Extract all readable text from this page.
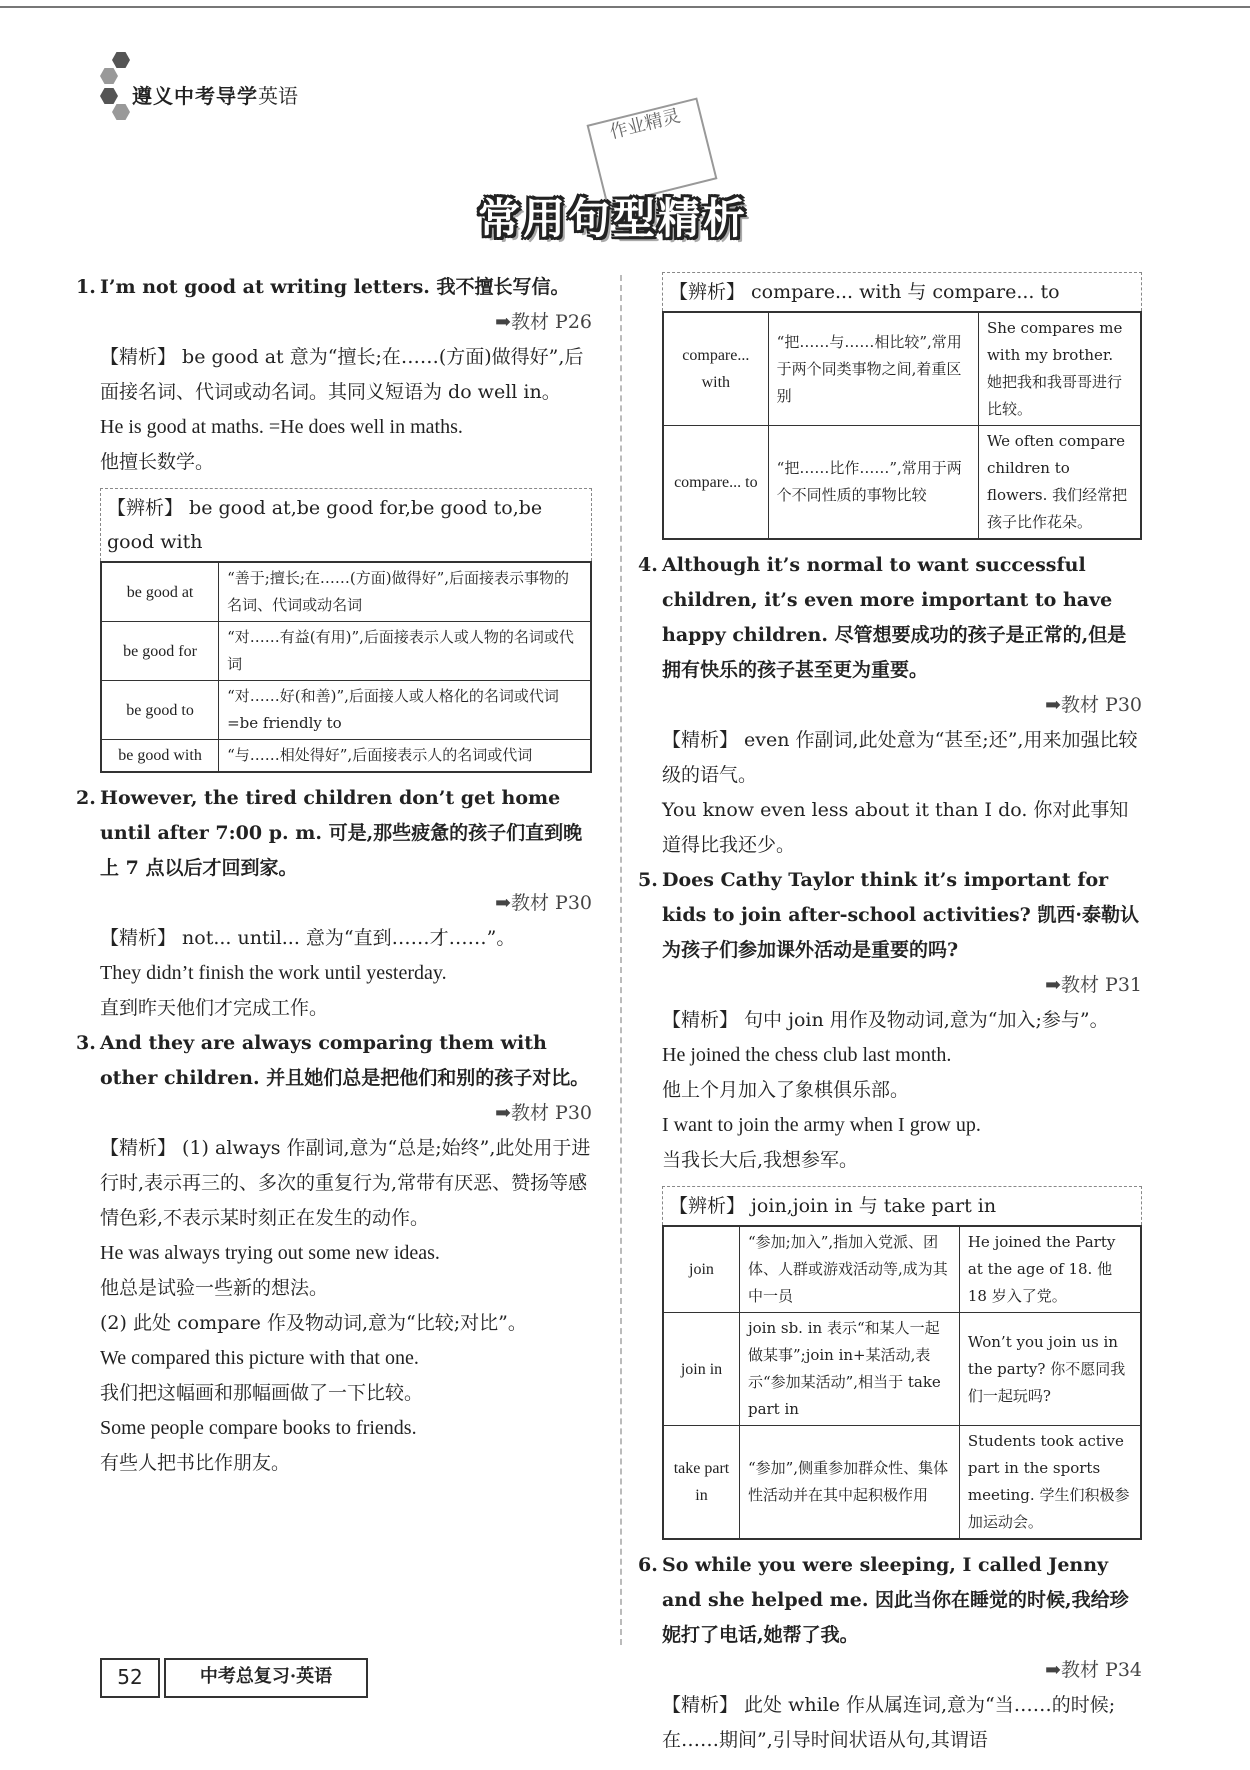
遵义中考导学 英语
作业精灵
常用句型精析
1. I’m not good at writing letters. 我不擅长写信。
➡教材 P26

【精析】 be good at 意为“擅长;在……(方面)做得好”,后面接名词、代词或动名词。其同义短语为 do well in。

He is good at maths. =He does well in maths.

他擅长数学。

【辨析】 be good at,be good for,be good to,be good with
be good at	“善于;擅长;在……(方面)做得好”,后面接表示事物的名词、代词或动名词
be good for	“对……有益(有用)”,后面接表示人或人物的名词或代词
be good to	“对……好(和善)”,后面接人或人格化的名词或代词=be friendly to
be good with	“与……相处得好”,后面接表示人的名词或代词
2. However, the tired children don’t get home until after 7:00 p. m. 可是,那些疲惫的孩子们直到晚上 7 点以后才回到家。
➡教材 P30

【精析】 not... until... 意为“直到……才……”。

They didn’t finish the work until yesterday.

直到昨天他们才完成工作。

3. And they are always comparing them with other children. 并且她们总是把他们和别的孩子对比。
➡教材 P30

【精析】 (1) always 作副词,意为“总是;始终”,此处用于进行时,表示再三的、多次的重复行为,常带有厌恶、赞扬等感情色彩,不表示某时刻正在发生的动作。

He was always trying out some new ideas.

他总是试验一些新的想法。

(2) 此处 compare 作及物动词,意为“比较;对比”。

We compared this picture with that one.

我们把这幅画和那幅画做了一下比较。

Some people compare books to friends.

有些人把书比作朋友。

【辨析】 compare... with 与 compare... to
compare... with	“把……与……相比较”,常用于两个同类事物之间,着重区别	She compares me with my brother. 她把我和我哥哥进行比较。
compare... to	“把……比作……”,常用于两个不同性质的事物比较	We often compare children to flowers. 我们经常把孩子比作花朵。
4. Although it’s normal to want successful children, it’s even more important to have happy children. 尽管想要成功的孩子是正常的,但是拥有快乐的孩子甚至更为重要。
➡教材 P30

【精析】 even 作副词,此处意为“甚至;还”,用来加强比较级的语气。

You know even less about it than I do. 你对此事知道得比我还少。

5. Does Cathy Taylor think it’s important for kids to join after-school activities? 凯西·泰勒认为孩子们参加课外活动是重要的吗?
➡教材 P31

【精析】 句中 join 用作及物动词,意为“加入;参与”。

He joined the chess club last month.

他上个月加入了象棋俱乐部。

I want to join the army when I grow up.

当我长大后,我想参军。

【辨析】 join,join in 与 take part in
join	“参加;加入”,指加入党派、团体、人群或游戏活动等,成为其中一员	He joined the Party at the age of 18. 他 18 岁入了党。
join in	join sb. in 表示“和某人一起做某事”;join in+某活动,表示“参加某活动”,相当于 take part in	Won’t you join us in the party? 你不愿同我们一起玩吗?
take part in	“参加”,侧重参加群众性、集体性活动并在其中起积极作用	Students took active part in the sports meeting. 学生们积极参加运动会。
6. So while you were sleeping, I called Jenny and she helped me. 因此当你在睡觉的时候,我给珍妮打了电话,她帮了我。
➡教材 P34

【精析】 此处 while 作从属连词,意为“当……的时候;在……期间”,引导时间状语从句,其谓语

52	中考总复习·英语
